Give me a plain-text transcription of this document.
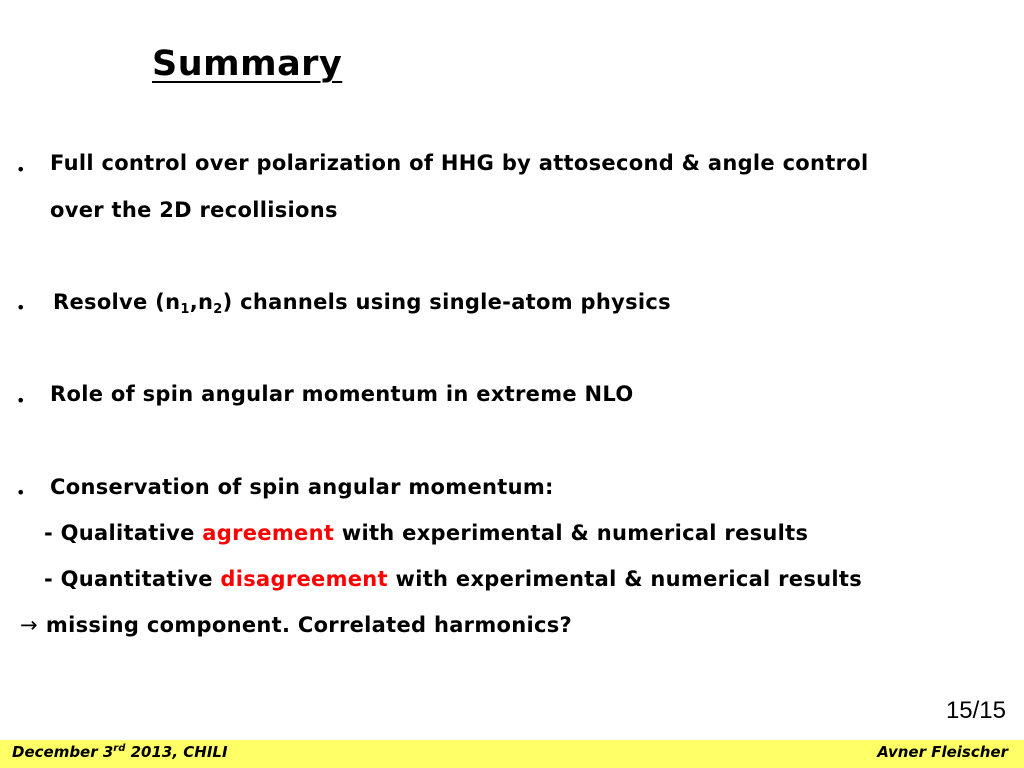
Summary
• Full control over polarization of HHG by attosecond & angle control
over the 2D recollisions
• Resolve $(n_1,n_2)$ channels using single-atom physics
• Role of spin angular momentum in extreme NLO
• Conservation of spin angular momentum:
- Qualitative agreement with experimental & numerical results
- Quantitative disagreement with experimental & numerical results
→ missing component. Correlated harmonics?
15/15
December 3rd 2013, CHILI	Avner Fleischer
